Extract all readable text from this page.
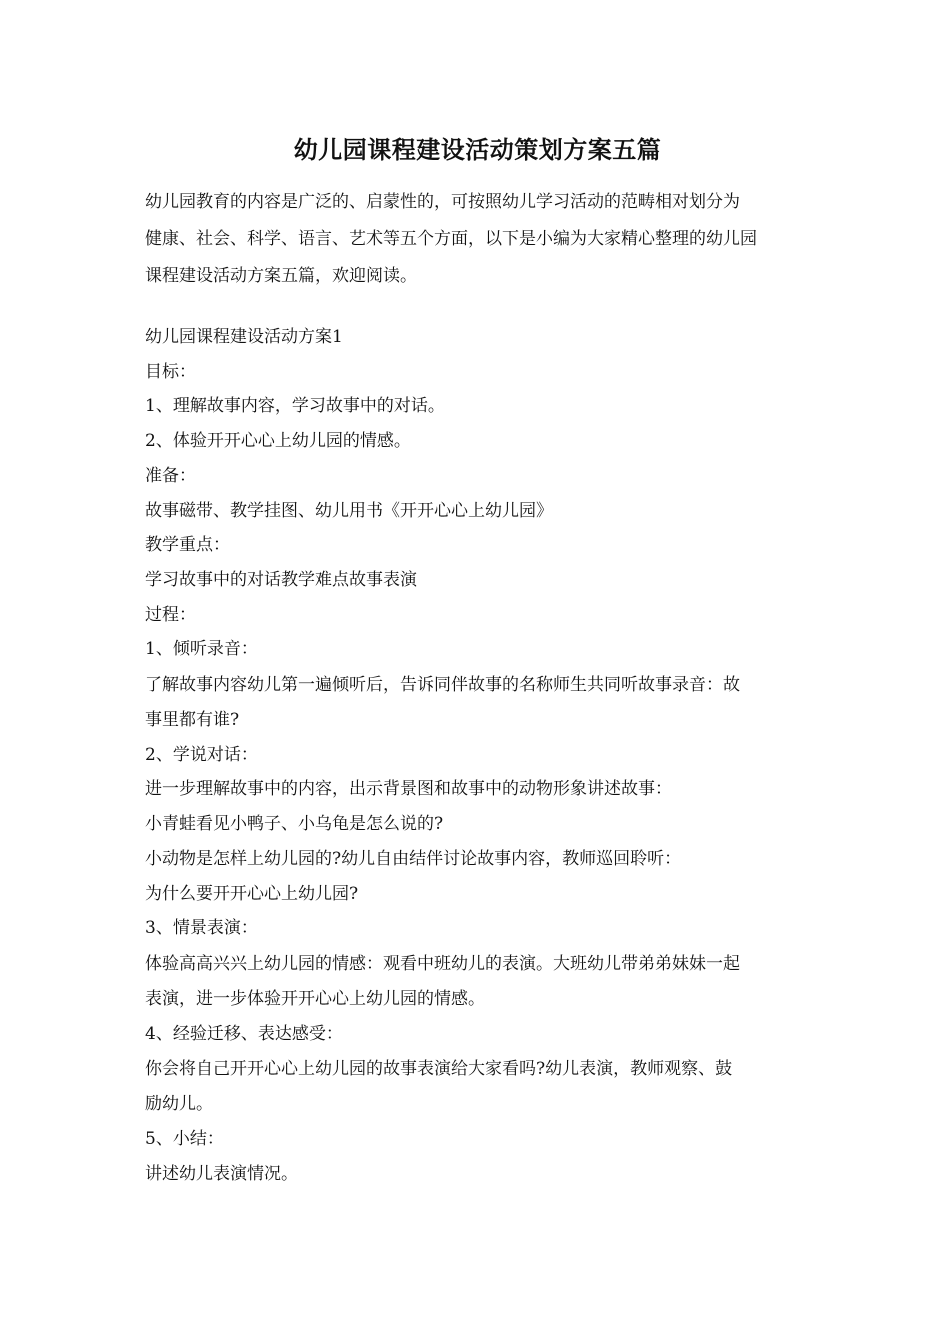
幼儿园课程建设活动策划方案五篇

幼儿园教育的内容是广泛的、启蒙性的，可按照幼儿学习活动的范畴相对划分为

健康、社会、科学、语言、艺术等五个方面，以下是小编为大家精心整理的幼儿园

课程建设活动方案五篇，欢迎阅读。

幼儿园课程建设活动方案1
目标：
1、理解故事内容，学习故事中的对话。
2、体验开开心心上幼儿园的情感。
准备：
故事磁带、教学挂图、幼儿用书《开开心心上幼儿园》
教学重点：
学习故事中的对话教学难点故事表演
过程：
1、倾听录音：
了解故事内容幼儿第一遍倾听后，告诉同伴故事的名称师生共同听故事录音：故
事里都有谁?
2、学说对话：
进一步理解故事中的内容，出示背景图和故事中的动物形象讲述故事：
小青蛙看见小鸭子、小乌龟是怎么说的?
小动物是怎样上幼儿园的?幼儿自由结伴讨论故事内容，教师巡回聆听：
为什么要开开心心上幼儿园?
3、情景表演：
体验高高兴兴上幼儿园的情感：观看中班幼儿的表演。大班幼儿带弟弟妹妹一起
表演，进一步体验开开心心上幼儿园的情感。
4、经验迁移、表达感受：
你会将自己开开心心上幼儿园的故事表演给大家看吗?幼儿表演，教师观察、鼓
励幼儿。
5、小结：
讲述幼儿表演情况。
